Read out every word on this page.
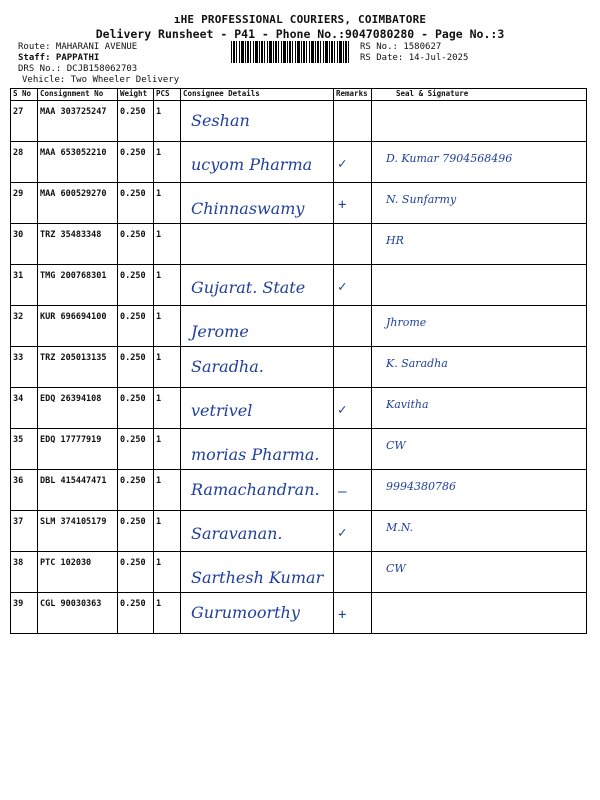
ıHE PROFESSIONAL COURIERS, COIMBATORE
Delivery Runsheet - P41 - Phone No.:9047080280 - Page No.:3
Route: MAHARANI AVENUE
Staff: PAPPATHI
DRS No.: DCJB158062703
Vehicle: Two Wheeler Delivery
RS No.: 1580627
RS Date: 14-Jul-2025
S No	Consignment No	Weight	PCS	Consignee Details	Remarks	Seal & Signature

27	MAA 303725247	0.250	1	Seshan		

28	MAA 653052210	0.250	1	ucyom Pharma	✓	D. Kumar 7904568496

29	MAA 600529270	0.250	1	Chinnaswamy	+	N. Sunfarmy

30	TRZ 35483348	0.250	1			HR

31	TMG 200768301	0.250	1	Gujarat. State	✓	

32	KUR 696694100	0.250	1	Jerome		Jhrome

33	TRZ 205013135	0.250	1	Saradha.		K. Saradha

34	EDQ 26394108	0.250	1	vetrivel	✓	Kavitha

35	EDQ 17777919	0.250	1	morias Pharma.		CW

36	DBL 415447471	0.250	1	Ramachandran.	—	9994380786

37	SLM 374105179	0.250	1	Saravanan.	✓	M.N.

38	PTC 102030	0.250	1	Sarthesh Kumar		CW

39	CGL 90030363	0.250	1	Gurumoorthy	+	
